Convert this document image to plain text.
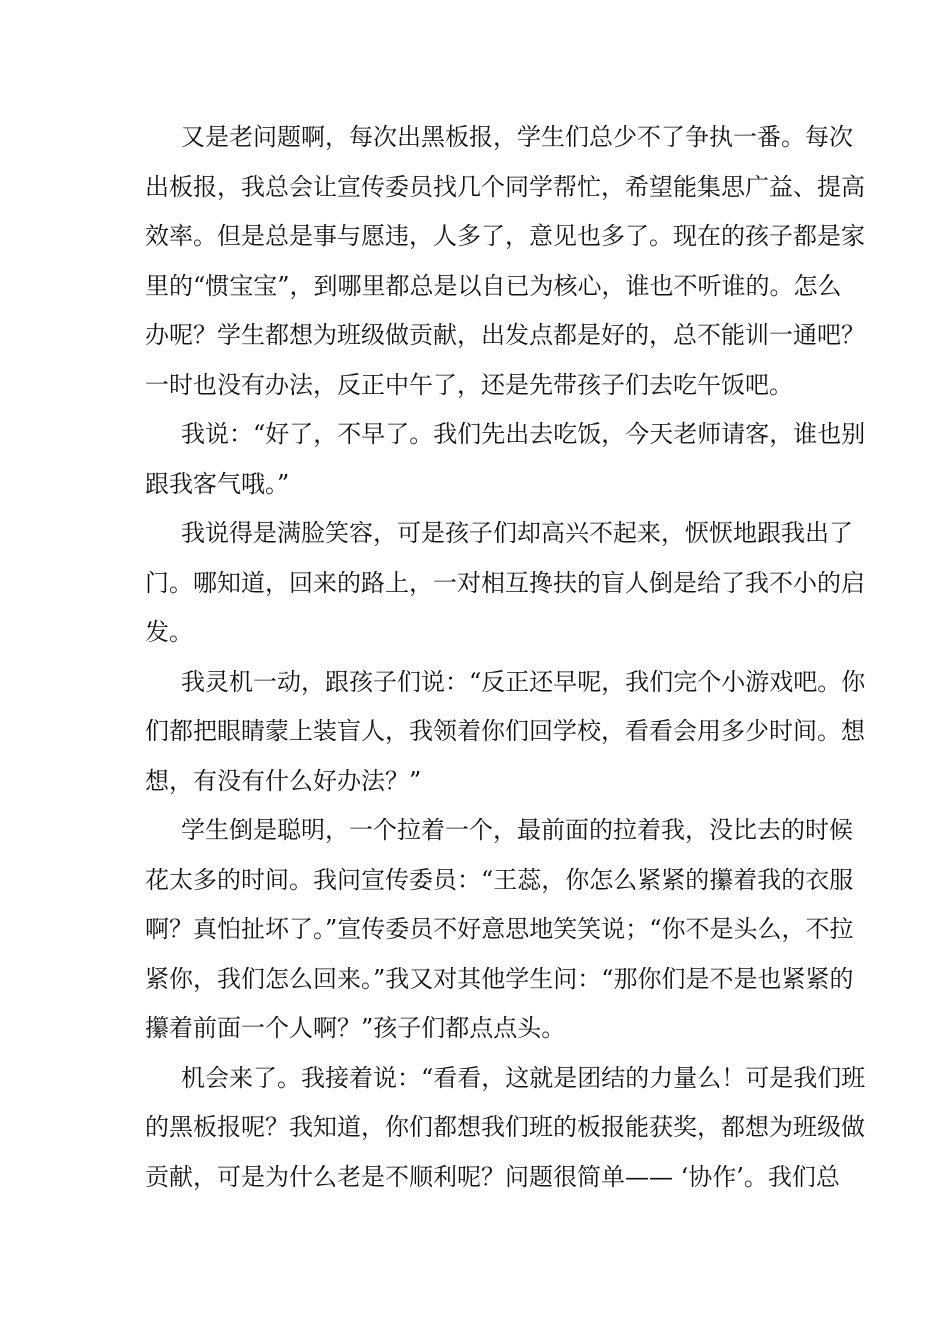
又是老问题啊，每次出黑板报，学生们总少不了争执一番。每次
出板报，我总会让宣传委员找几个同学帮忙，希望能集思广益、提高
效率。但是总是事与愿违，人多了，意见也多了。现在的孩子都是家
里的“惯宝宝”，到哪里都总是以自已为核心，谁也不听谁的。怎么
办呢？学生都想为班级做贡献，出发点都是好的，总不能训一通吧？
一时也没有办法，反正中午了，还是先带孩子们去吃午饭吧。
我说：“好了，不早了。我们先出去吃饭，今天老师请客，谁也别
跟我客气哦。”
我说得是满脸笑容，可是孩子们却高兴不起来，恹恹地跟我出了
门。哪知道，回来的路上，一对相互搀扶的盲人倒是给了我不小的启
发。
我灵机一动，跟孩子们说：“反正还早呢，我们完个小游戏吧。你
们都把眼睛蒙上装盲人，我领着你们回学校，看看会用多少时间。想
想，有没有什么好办法？”
学生倒是聪明，一个拉着一个，最前面的拉着我，没比去的时候
花太多的时间。我问宣传委员：“王蕊，你怎么紧紧的攥着我的衣服
啊？真怕扯坏了。”宣传委员不好意思地笑笑说；“你不是头么，不拉
紧你，我们怎么回来。”我又对其他学生问：“那你们是不是也紧紧的
攥着前面一个人啊？”孩子们都点点头。
机会来了。我接着说：“看看，这就是团结的力量么！可是我们班
的黑板报呢？我知道，你们都想我们班的板报能获奖，都想为班级做
贡献，可是为什么老是不顺利呢？问题很简单—— ‘协作’。我们总
